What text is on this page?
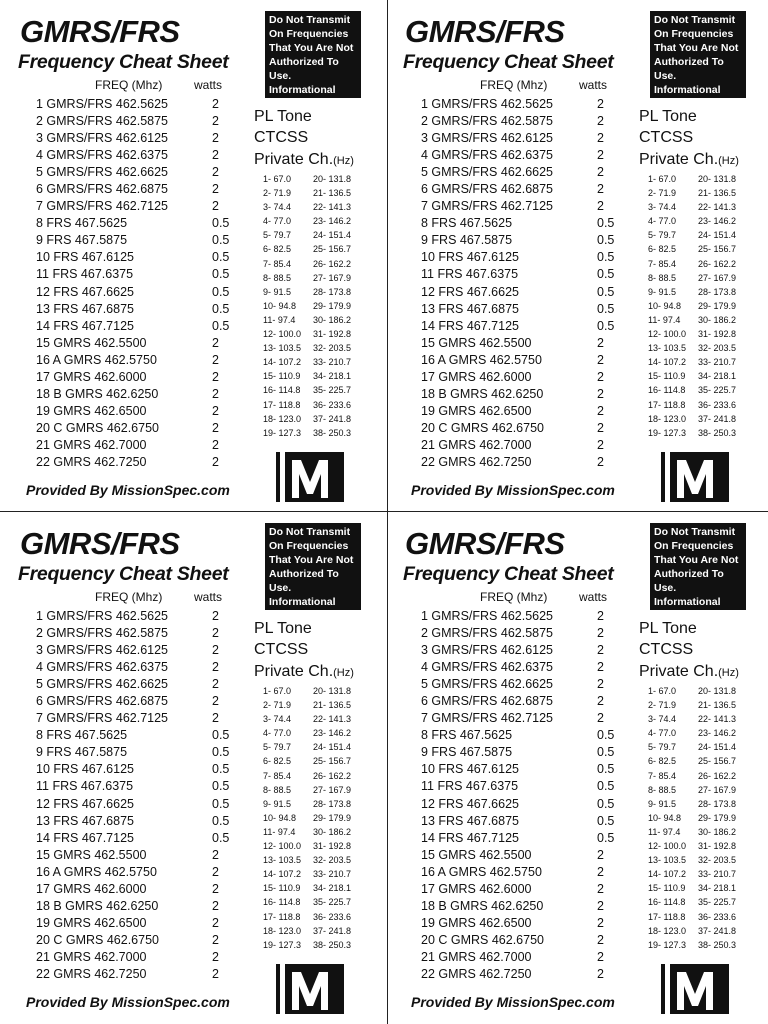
GMRS/FRS
Frequency Cheat Sheet
Do Not Transmit On Frequencies That You Are Not Authorized To Use. Informational Only.
FREQ (Mhz)	watts
1 GMRS/FRS 462.5625	2
2 GMRS/FRS 462.5875	2
3 GMRS/FRS 462.6125	2
4 GMRS/FRS 462.6375	2
5 GMRS/FRS 462.6625	2
6 GMRS/FRS 462.6875	2
7 GMRS/FRS 462.7125	2
8 FRS 467.5625	0.5
9 FRS 467.5875	0.5
10 FRS 467.6125	0.5
11 FRS 467.6375	0.5
12 FRS 467.6625	0.5
13 FRS 467.6875	0.5
14 FRS 467.7125	0.5
15 GMRS 462.5500	2
16 A GMRS 462.5750	2
17 GMRS 462.6000	2
18 B GMRS 462.6250	2
19 GMRS 462.6500	2
20 C GMRS 462.6750	2
21 GMRS 462.7000	2
22 GMRS 462.7250	2
PL Tone
CTCSS
Private Ch.(Hz)
1- 67.0 20- 131.8
2- 71.9 21- 136.5
3- 74.4 22- 141.3
4- 77.0 23- 146.2
5- 79.7 24- 151.4
6- 82.5 25- 156.7
7- 85.4 26- 162.2
8- 88.5 27- 167.9
9- 91.5 28- 173.8
10- 94.8 29- 179.9
11- 97.4 30- 186.2
12- 100.0 31- 192.8
13- 103.5 32- 203.5
14- 107.2 33- 210.7
15- 110.9 34- 218.1
16- 114.8 35- 225.7
17- 118.8 36- 233.6
18- 123.0 37- 241.8
19- 127.3 38- 250.3
Provided By MissionSpec.com
GMRS/FRS
Frequency Cheat Sheet
Do Not Transmit On Frequencies That You Are Not Authorized To Use. Informational Only.
FREQ (Mhz)	watts
1 GMRS/FRS 462.5625	2
2 GMRS/FRS 462.5875	2
3 GMRS/FRS 462.6125	2
4 GMRS/FRS 462.6375	2
5 GMRS/FRS 462.6625	2
6 GMRS/FRS 462.6875	2
7 GMRS/FRS 462.7125	2
8 FRS 467.5625	0.5
9 FRS 467.5875	0.5
10 FRS 467.6125	0.5
11 FRS 467.6375	0.5
12 FRS 467.6625	0.5
13 FRS 467.6875	0.5
14 FRS 467.7125	0.5
15 GMRS 462.5500	2
16 A GMRS 462.5750	2
17 GMRS 462.6000	2
18 B GMRS 462.6250	2
19 GMRS 462.6500	2
20 C GMRS 462.6750	2
21 GMRS 462.7000	2
22 GMRS 462.7250	2
PL Tone
CTCSS
Private Ch.(Hz)
1- 67.0 20- 131.8
2- 71.9 21- 136.5
3- 74.4 22- 141.3
4- 77.0 23- 146.2
5- 79.7 24- 151.4
6- 82.5 25- 156.7
7- 85.4 26- 162.2
8- 88.5 27- 167.9
9- 91.5 28- 173.8
10- 94.8 29- 179.9
11- 97.4 30- 186.2
12- 100.0 31- 192.8
13- 103.5 32- 203.5
14- 107.2 33- 210.7
15- 110.9 34- 218.1
16- 114.8 35- 225.7
17- 118.8 36- 233.6
18- 123.0 37- 241.8
19- 127.3 38- 250.3
Provided By MissionSpec.com
GMRS/FRS
Frequency Cheat Sheet
Do Not Transmit On Frequencies That You Are Not Authorized To Use. Informational Only.
FREQ (Mhz)	watts
1 GMRS/FRS 462.5625	2
2 GMRS/FRS 462.5875	2
3 GMRS/FRS 462.6125	2
4 GMRS/FRS 462.6375	2
5 GMRS/FRS 462.6625	2
6 GMRS/FRS 462.6875	2
7 GMRS/FRS 462.7125	2
8 FRS 467.5625	0.5
9 FRS 467.5875	0.5
10 FRS 467.6125	0.5
11 FRS 467.6375	0.5
12 FRS 467.6625	0.5
13 FRS 467.6875	0.5
14 FRS 467.7125	0.5
15 GMRS 462.5500	2
16 A GMRS 462.5750	2
17 GMRS 462.6000	2
18 B GMRS 462.6250	2
19 GMRS 462.6500	2
20 C GMRS 462.6750	2
21 GMRS 462.7000	2
22 GMRS 462.7250	2
PL Tone
CTCSS
Private Ch.(Hz)
1- 67.0 20- 131.8
2- 71.9 21- 136.5
3- 74.4 22- 141.3
4- 77.0 23- 146.2
5- 79.7 24- 151.4
6- 82.5 25- 156.7
7- 85.4 26- 162.2
8- 88.5 27- 167.9
9- 91.5 28- 173.8
10- 94.8 29- 179.9
11- 97.4 30- 186.2
12- 100.0 31- 192.8
13- 103.5 32- 203.5
14- 107.2 33- 210.7
15- 110.9 34- 218.1
16- 114.8 35- 225.7
17- 118.8 36- 233.6
18- 123.0 37- 241.8
19- 127.3 38- 250.3
Provided By MissionSpec.com
GMRS/FRS
Frequency Cheat Sheet
Do Not Transmit On Frequencies That You Are Not Authorized To Use. Informational Only.
FREQ (Mhz)	watts
1 GMRS/FRS 462.5625	2
2 GMRS/FRS 462.5875	2
3 GMRS/FRS 462.6125	2
4 GMRS/FRS 462.6375	2
5 GMRS/FRS 462.6625	2
6 GMRS/FRS 462.6875	2
7 GMRS/FRS 462.7125	2
8 FRS 467.5625	0.5
9 FRS 467.5875	0.5
10 FRS 467.6125	0.5
11 FRS 467.6375	0.5
12 FRS 467.6625	0.5
13 FRS 467.6875	0.5
14 FRS 467.7125	0.5
15 GMRS 462.5500	2
16 A GMRS 462.5750	2
17 GMRS 462.6000	2
18 B GMRS 462.6250	2
19 GMRS 462.6500	2
20 C GMRS 462.6750	2
21 GMRS 462.7000	2
22 GMRS 462.7250	2
PL Tone
CTCSS
Private Ch.(Hz)
1- 67.0 20- 131.8
2- 71.9 21- 136.5
3- 74.4 22- 141.3
4- 77.0 23- 146.2
5- 79.7 24- 151.4
6- 82.5 25- 156.7
7- 85.4 26- 162.2
8- 88.5 27- 167.9
9- 91.5 28- 173.8
10- 94.8 29- 179.9
11- 97.4 30- 186.2
12- 100.0 31- 192.8
13- 103.5 32- 203.5
14- 107.2 33- 210.7
15- 110.9 34- 218.1
16- 114.8 35- 225.7
17- 118.8 36- 233.6
18- 123.0 37- 241.8
19- 127.3 38- 250.3
Provided By MissionSpec.com
